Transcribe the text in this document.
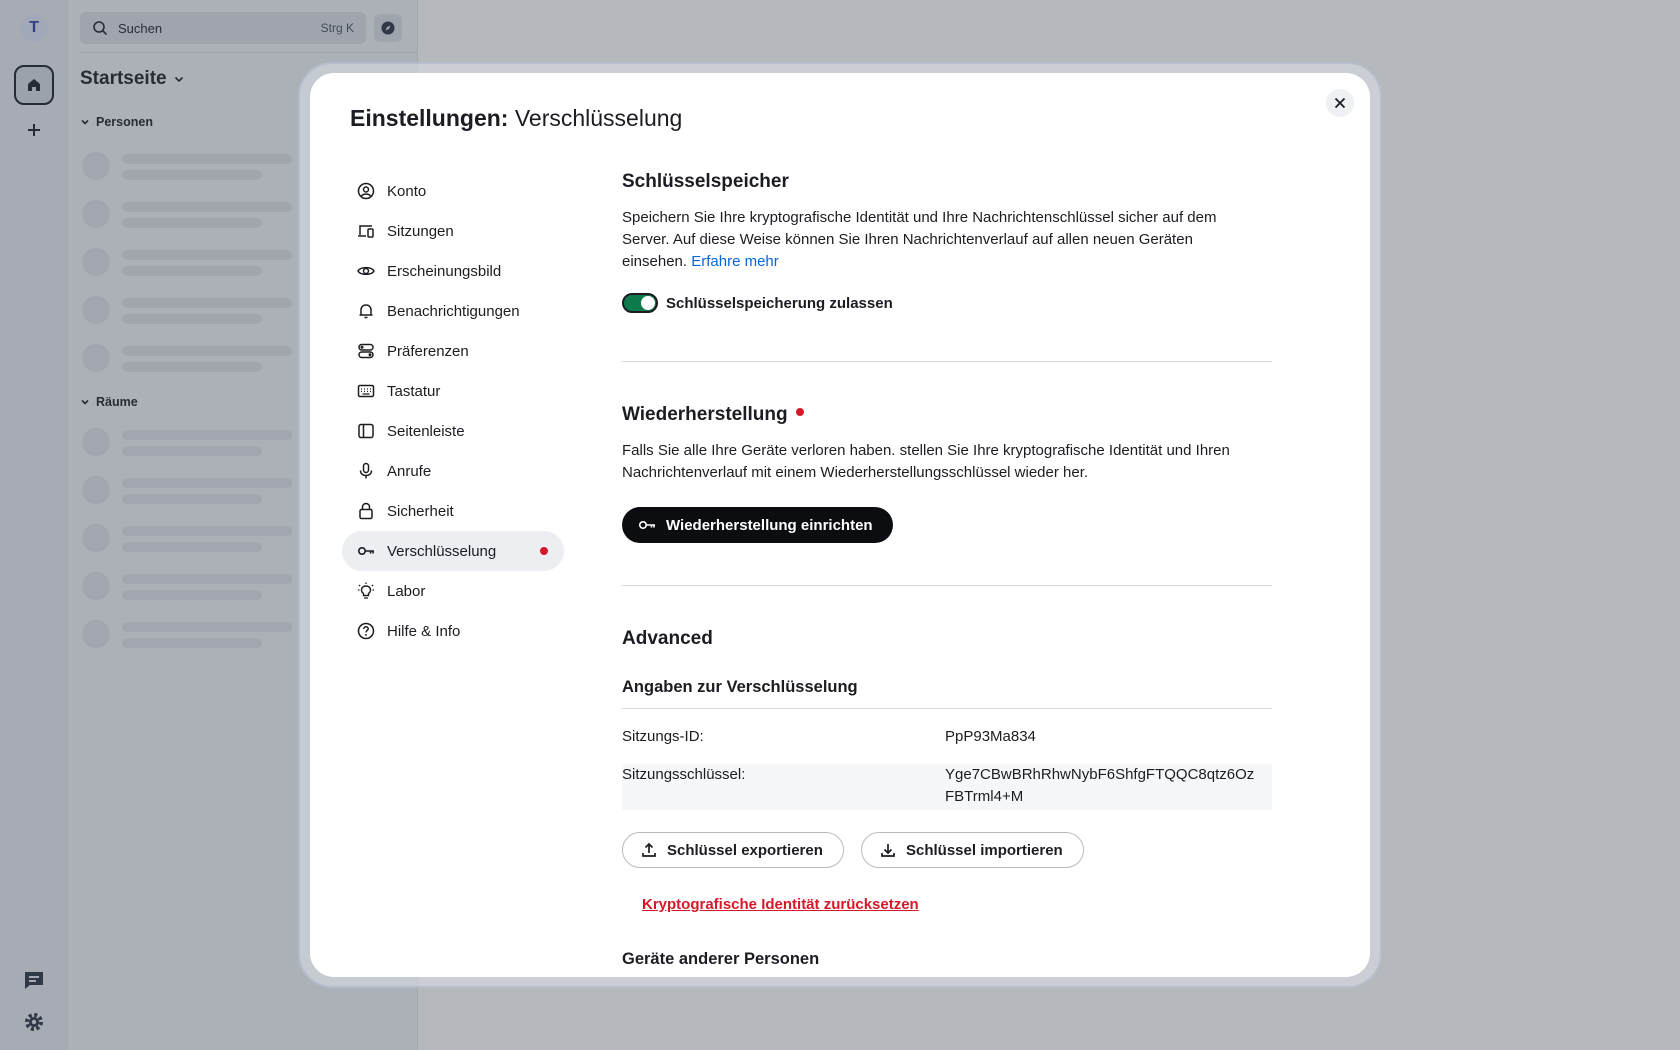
T	Suchen	Strg K
Startseite
Personen
Räume
Einstellungen: Verschlüsselung
Konto
Sitzungen
Erscheinungsbild
Benachrichtigungen
Präferenzen
Tastatur
Seitenleiste
Anrufe
Sicherheit
Verschlüsselung
Labor
Hilfe & Info
Schlüsselspeicher
Speichern Sie Ihre kryptografische Identität und Ihre Nachrichtenschlüssel sicher auf dem Server. Auf diese Weise können Sie Ihren Nachrichtenverlauf auf allen neuen Geräten einsehen. Erfahre mehr
Schlüsselspeicherung zulassen
Wiederherstellung
Falls Sie alle Ihre Geräte verloren haben. stellen Sie Ihre kryptografische Identität und Ihren Nachrichtenverlauf mit einem Wiederherstellungsschlüssel wieder her.
Wiederherstellung einrichten
Advanced
Angaben zur Verschlüsselung
Sitzungs-ID:	PpP93Ma834
Sitzungsschlüssel:	Yge7CBwBRhRhwNybF6ShfgFTQQC8qtz6Oz
FBTrml4+M
Schlüssel exportieren	Schlüssel importieren
Kryptografische Identität zurücksetzen
Geräte anderer Personen
